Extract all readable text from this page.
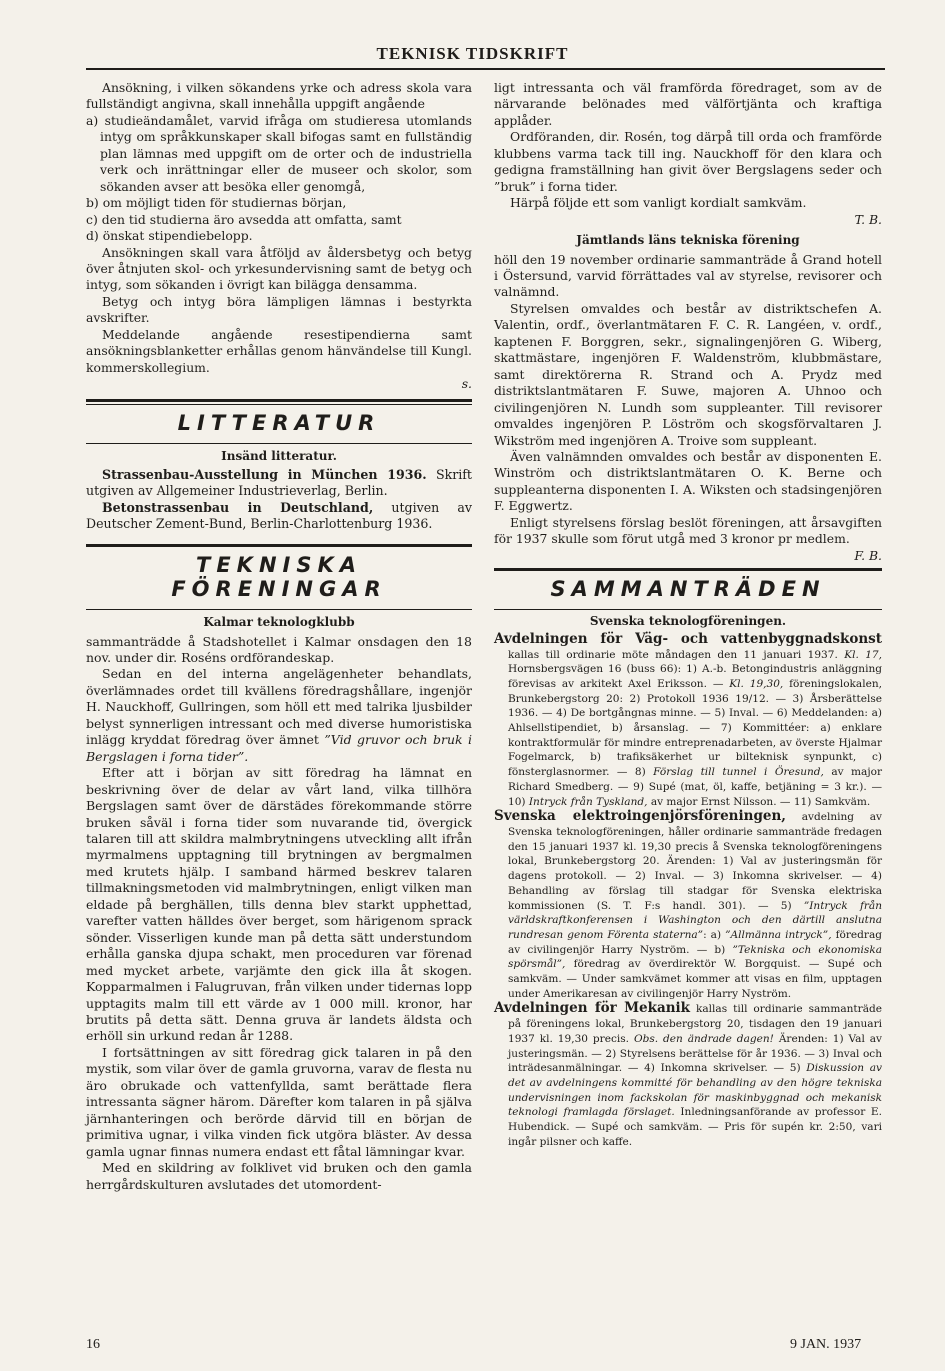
TEKNISK TIDSKRIFT

Ansökning, i vilken sökandens yrke och adress skola vara fullständigt angivna, skall innehålla uppgift angående

a) studieändamålet, varvid ifråga om studieresa utomlands intyg om språkkunskaper skall bifogas samt en fullständig plan lämnas med uppgift om de orter och de industriella verk och inrättningar eller de museer och skolor, som sökanden avser att besöka eller genomgå,

b) om möjligt tiden för studiernas början,

c) den tid studierna äro avsedda att omfatta, samt

d) önskat stipendiebelopp.

Ansökningen skall vara åtföljd av åldersbetyg och betyg över åtnjuten skol- och yrkesundervisning samt de betyg och intyg, som sökanden i övrigt kan bilägga densamma.

Betyg och intyg böra lämpligen lämnas i bestyrkta avskrifter.

Meddelande angående resestipendierna samt ansökningsblanketter erhållas genom hänvändelse till Kungl. kommerskollegium.

s.

LITTERATUR
Insänd litteratur.

Strassenbau-Ausstellung in München 1936. Skrift utgiven av Allgemeiner Industrieverlag, Berlin.

Betonstrassenbau in Deutschland, utgiven av Deutscher Zement-Bund, Berlin-Charlottenburg 1936.

TEKNISKA FÖRENINGAR
Kalmar teknologklubb

sammanträdde å Stadshotellet i Kalmar onsdagen den 18 nov. under dir. Roséns ordförandeskap.

Sedan en del interna angelägenheter behandlats, överlämnades ordet till kvällens föredragshållare, ingenjör H. Nauckhoff, Gullringen, som höll ett med talrika ljusbilder belyst synnerligen intressant och med diverse humoristiska inlägg kryddat föredrag över ämnet ”Vid gruvor och bruk i Bergslagen i forna tider”.

Efter att i början av sitt föredrag ha lämnat en beskrivning över de delar av vårt land, vilka tillhöra Bergslagen samt över de därstädes förekommande större bruken såväl i forna tider som nuvarande tid, övergick talaren till att skildra malmbrytningens utveckling allt ifrån myrmalmens upptagning till brytningen av bergmalmen med krutets hjälp. I samband härmed beskrev talaren tillmakningsmetoden vid malmbrytningen, enligt vilken man eldade på berghällen, tills denna blev starkt upphettad, varefter vatten hälldes över berget, som härigenom sprack sönder. Visserligen kunde man på detta sätt understundom erhålla ganska djupa schakt, men proceduren var förenad med mycket arbete, varjämte den gick illa åt skogen. Kopparmalmen i Falugruvan, från vilken under tidernas lopp upptagits malm till ett värde av 1 000 mill. kronor, har brutits på detta sätt. Denna gruva är landets äldsta och erhöll sin urkund redan år 1288.

I fortsättningen av sitt föredrag gick talaren in på den mystik, som vilar över de gamla gruvorna, varav de flesta nu äro obrukade och vattenfyllda, samt berättade flera intressanta sägner härom. Därefter kom talaren in på själva järnhanteringen och berörde därvid till en början de primitiva ugnar, i vilka vinden fick utgöra bläster. Av dessa gamla ugnar finnas numera endast ett fåtal lämningar kvar.

Med en skildring av folklivet vid bruken och den gamla herrgårdskulturen avslutades det utomordent-

ligt intressanta och väl framförda föredraget, som av de närvarande belönades med välförtjänta och kraftiga applåder.

Ordföranden, dir. Rosén, tog därpå till orda och framförde klubbens varma tack till ing. Nauckhoff för den klara och gedigna framställning han givit över Bergslagens seder och ”bruk” i forna tider.

Härpå följde ett som vanligt kordialt samkväm.

T. B.

Jämtlands läns tekniska förening

höll den 19 november ordinarie sammanträde å Grand hotell i Östersund, varvid förrättades val av styrelse, revisorer och valnämnd.

Styrelsen omvaldes och består av distriktschefen A. Valentin, ordf., överlantmätaren F. C. R. Langéen, v. ordf., kaptenen F. Borggren, sekr., signalingenjören G. Wiberg, skattmästare, ingenjören F. Waldenström, klubbmästare, samt direktörerna R. Strand och A. Prydz med distriktslantmätaren F. Suwe, majoren A. Uhnoo och civilingenjören N. Lundh som suppleanter. Till revisorer omvaldes ingenjören P. Löström och skogsförvaltaren J. Wikström med ingenjören A. Troive som suppleant.

Även valnämnden omvaldes och består av disponenten E. Winström och distriktslantmätaren O. K. Berne och suppleanterna disponenten I. A. Wiksten och stadsingenjören F. Eggwertz.

Enligt styrelsens förslag beslöt föreningen, att årsavgiften för 1937 skulle som förut utgå med 3 kronor pr medlem.

F. B.

SAMMANTRÄDEN
Svenska teknologföreningen.

Avdelningen för Väg- och vattenbyggnadskonst kallas till ordinarie möte måndagen den 11 januari 1937. Kl. 17, Hornsbergsvägen 16 (buss 66): 1) A.-b. Betongindustris anläggning förevisas av arkitekt Axel Eriksson. — Kl. 19,30, föreningslokalen, Brunkebergstorg 20: 2) Protokoll 1936 19/12. — 3) Årsberättelse 1936. — 4) De bortgångnas minne. — 5) Inval. — 6) Meddelanden: a) Ahlsellstipendiet, b) årsanslag. — 7) Kommittéer: a) enklare kontraktformulär för mindre entreprenadarbeten, av överste Hjalmar Fogelmarck, b) trafiksäkerhet ur bilteknisk synpunkt, c) fönsterglasnormer. — 8) Förslag till tunnel i Öresund, av major Richard Smedberg. — 9) Supé (mat, öl, kaffe, betjäning = 3 kr.). — 10) Intryck från Tyskland, av major Ernst Nilsson. — 11) Samkväm.

Svenska elektroingenjörsföreningen, avdelning av Svenska teknologföreningen, håller ordinarie sammanträde fredagen den 15 januari 1937 kl. 19,30 precis å Svenska teknologföreningens lokal, Brunkebergstorg 20. Ärenden: 1) Val av justeringsmän för dagens protokoll. — 2) Inval. — 3) Inkomna skrivelser. — 4) Behandling av förslag till stadgar för Svenska elektriska kommissionen (S. T. F:s handl. 301). — 5) ”Intryck från världskraftkonferensen i Washington och den därtill anslutna rundresan genom Förenta staterna”: a) ”Allmänna intryck”, föredrag av civilingenjör Harry Nyström. — b) ”Tekniska och ekonomiska spörsmål”, föredrag av överdirektör W. Borgquist. — Supé och samkväm. — Under samkvämet kommer att visas en film, upptagen under Amerikaresan av civilingenjör Harry Nyström.

Avdelningen för Mekanik kallas till ordinarie sammanträde på föreningens lokal, Brunkebergstorg 20, tisdagen den 19 januari 1937 kl. 19,30 precis. Obs. den ändrade dagen! Ärenden: 1) Val av justeringsmän. — 2) Styrelsens berättelse för år 1936. — 3) Inval och inträdesanmälningar. — 4) Inkomna skrivelser. — 5) Diskussion av det av avdelningens kommitté för behandling av den högre tekniska undervisningen inom fackskolan för maskinbyggnad och mekanisk teknologi framlagda förslaget. Inledningsanförande av professor E. Hubendick. — Supé och samkväm. — Pris för supén kr. 2:50, vari ingår pilsner och kaffe.

16	9 JAN. 1937
